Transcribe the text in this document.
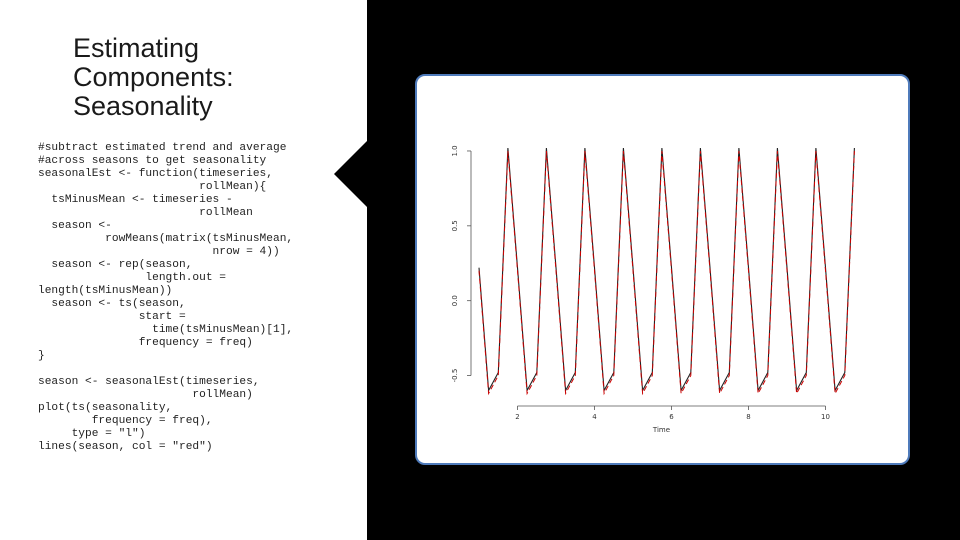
Estimating
Components:
Seasonality
#subtract estimated trend and average
#across seasons to get seasonality
seasonalEst <- function(timeseries,
rollMean){
tsMinusMean <- timeseries -
rollMean
season <-
rowMeans(matrix(tsMinusMean,
nrow = 4))
season <- rep(season,
length.out =
length(tsMinusMean))
season <- ts(season,
start =
time(tsMinusMean)[1],
frequency = freq)
}

season <- seasonalEst(timeseries,
rollMean)
plot(ts(seasonality,
frequency = freq),
type = "l")
lines(season, col = "red")

1.0
0.5
0.0
-0.5
2	4	6	8	10
Time
